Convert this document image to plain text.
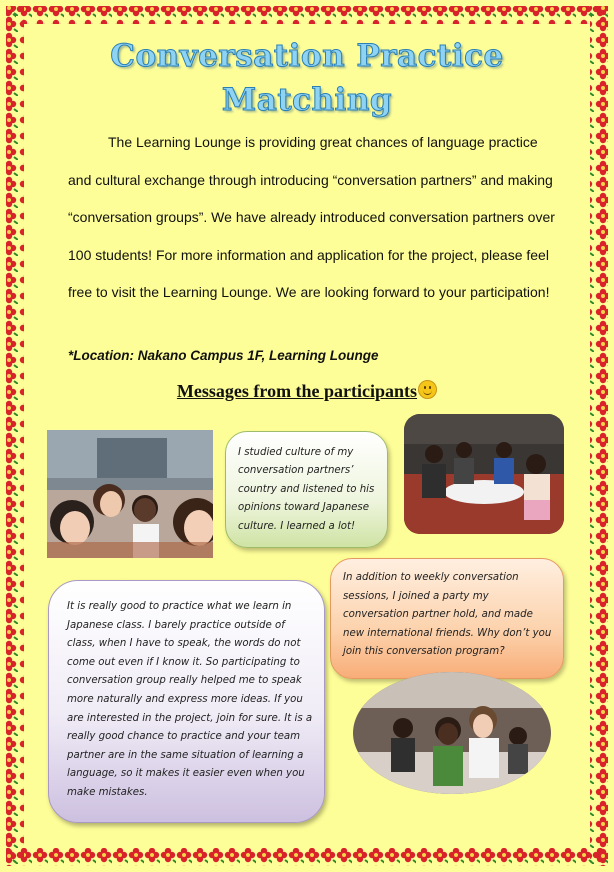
Conversation Practice
Matching
The Learning Lounge is providing great chances of language practice and cultural exchange through introducing “conversation partners” and making “conversation groups”. We have already introduced conversation partners over 100 students! For more information and application for the project, please feel free to visit the Learning Lounge. We are looking forward to your participation!
*Location: Nakano Campus 1F, Learning Lounge
Messages from the participants
I studied culture of my conversation partners’ country and listened to his opinions toward Japanese culture. I learned a lot!
In addition to weekly conversation sessions, I joined a party my conversation partner hold, and made new international friends. Why don’t you join this conversation program?
It is really good to practice what we learn in Japanese class. I barely practice outside of class, when I have to speak, the words do not come out even if I know it. So participating to conversation group really helped me to speak more naturally and express more ideas. If you are interested in the project, join for sure. It is a really good chance to practice and your team partner are in the same situation of learning a language, so it makes it easier even when you make mistakes.
